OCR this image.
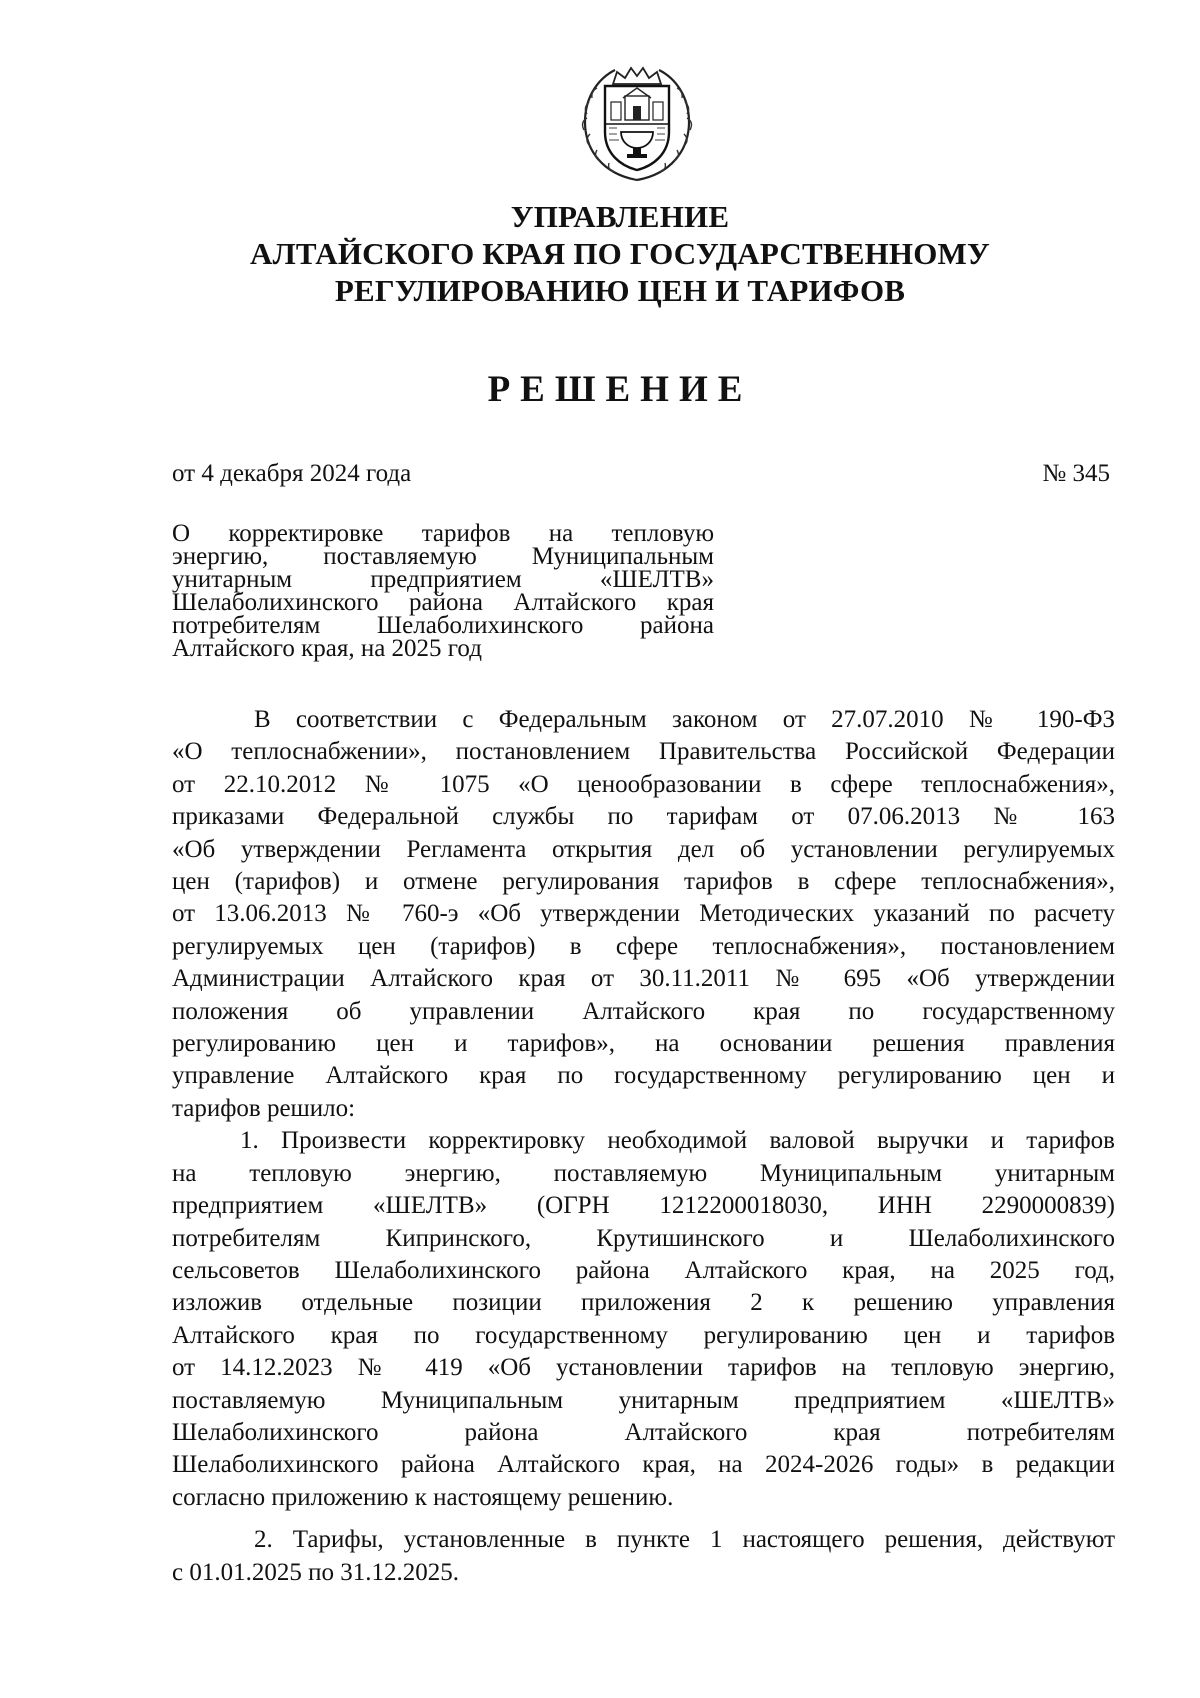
УПРАВЛЕНИЕ
АЛТАЙСКОГО КРАЯ ПО ГОСУДАРСТВЕННОМУ
РЕГУЛИРОВАНИЮ ЦЕН И ТАРИФОВ
РЕШЕНИЕ
от 4 декабря 2024 года	№ 345
О корректировке тарифов на тепловую
энергию, поставляемую Муниципальным
унитарным предприятием «ШЕЛТВ»
Шелаболихинского района Алтайского края
потребителям Шелаболихинского района
Алтайского края, на 2025 год
В соответствии с Федеральным законом от 27.07.2010 № 190-ФЗ
«О теплоснабжении», постановлением Правительства Российской Федерации
от 22.10.2012 № 1075 «О ценообразовании в сфере теплоснабжения»,
приказами Федеральной службы по тарифам от 07.06.2013 № 163
«Об утверждении Регламента открытия дел об установлении регулируемых
цен (тарифов) и отмене регулирования тарифов в сфере теплоснабжения»,
от 13.06.2013 № 760-э «Об утверждении Методических указаний по расчету
регулируемых цен (тарифов) в сфере теплоснабжения», постановлением
Администрации Алтайского края от 30.11.2011 № 695 «Об утверждении
положения об управлении Алтайского края по государственному
регулированию цен и тарифов», на основании решения правления
управление Алтайского края по государственному регулированию цен и
тарифов решило:
1. Произвести корректировку необходимой валовой выручки и тарифов
на тепловую энергию, поставляемую Муниципальным унитарным
предприятием «ШЕЛТВ» (ОГРН 1212200018030, ИНН 2290000839)
потребителям Кипринского, Крутишинского и Шелаболихинского
сельсоветов Шелаболихинского района Алтайского края, на 2025 год,
изложив отдельные позиции приложения 2 к решению управления
Алтайского края по государственному регулированию цен и тарифов
от 14.12.2023 № 419 «Об установлении тарифов на тепловую энергию,
поставляемую Муниципальным унитарным предприятием «ШЕЛТВ»
Шелаболихинского района Алтайского края потребителям
Шелаболихинского района Алтайского края, на 2024-2026 годы» в редакции
согласно приложению к настоящему решению.
2. Тарифы, установленные в пункте 1 настоящего решения, действуют
с 01.01.2025 по 31.12.2025.
